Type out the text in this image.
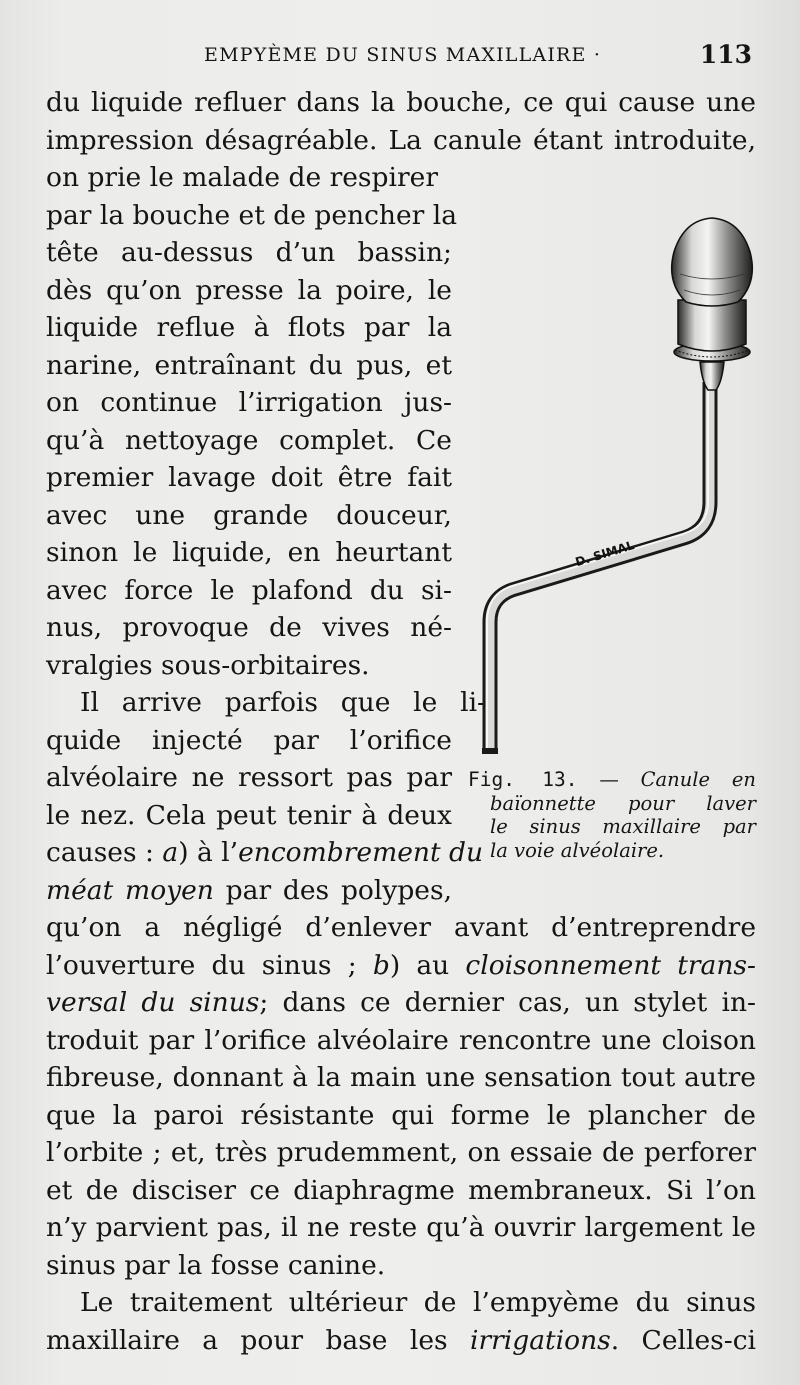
EMPYÈME DU SINUS MAXILLAIRE ·	113
du liquide refluer dans la bouche, ce qui cause une
impression désagréable. La canule étant introduite,
on prie le malade de respirer
par la bouche et de pencher la
tête au-dessus d’un bassin;
dès qu’on presse la poire, le
liquide reflue à flots par la
narine, entraînant du pus, et
on continue l’irrigation jus-
qu’à nettoyage complet. Ce
premier lavage doit être fait
avec une grande douceur,
sinon le liquide, en heurtant
avec force le plafond du si-
nus, provoque de vives né-
vralgies sous-orbitaires.
Il arrive parfois que le li-
quide injecté par l’orifice
alvéolaire ne ressort pas par
le nez. Cela peut tenir à deux
causes : a) à l’encombrement du
méat moyen par des polypes,
qu’on a négligé d’enlever avant d’entreprendre
l’ouverture du sinus ; b) au cloisonnement trans-
versal du sinus; dans ce dernier cas, un stylet in-
troduit par l’orifice alvéolaire rencontre une cloison
fibreuse, donnant à la main une sensation tout autre
que la paroi résistante qui forme le plancher de
l’orbite ; et, très prudemment, on essaie de perforer
et de disciser ce diaphragme membraneux. Si l’on
n’y parvient pas, il ne reste qu’à ouvrir largement le
sinus par la fosse canine.
Le traitement ultérieur de l’empyème du sinus
maxillaire a pour base les irrigations. Celles-ci
D. SIMAL
Fig. 13. — Canule en
baïonnette pour laver
le sinus maxillaire par
la voie alvéolaire.
